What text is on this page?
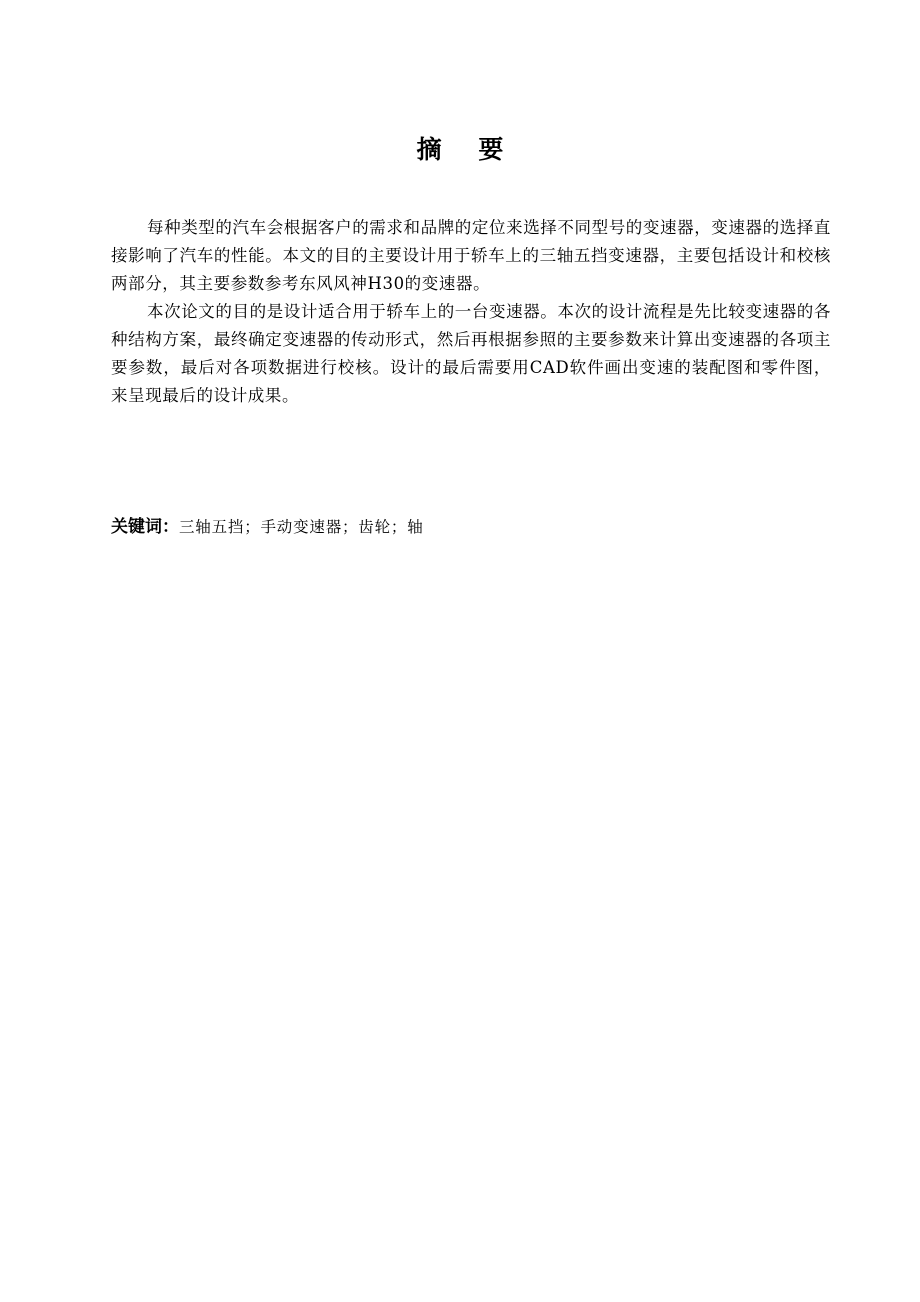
摘 要

每种类型的汽车会根据客户的需求和品牌的定位来选择不同型号的变速器，变速器的选择直接影响了汽车的性能。本文的目的主要设计用于轿车上的三轴五挡变速器，主要包括设计和校核两部分，其主要参数参考东风风神H30的变速器。

本次论文的目的是设计适合用于轿车上的一台变速器。本次的设计流程是先比较变速器的各种结构方案，最终确定变速器的传动形式，然后再根据参照的主要参数来计算出变速器的各项主要参数，最后对各项数据进行校核。设计的最后需要用CAD软件画出变速的装配图和零件图，来呈现最后的设计成果。

关键词：三轴五挡；手动变速器；齿轮；轴
